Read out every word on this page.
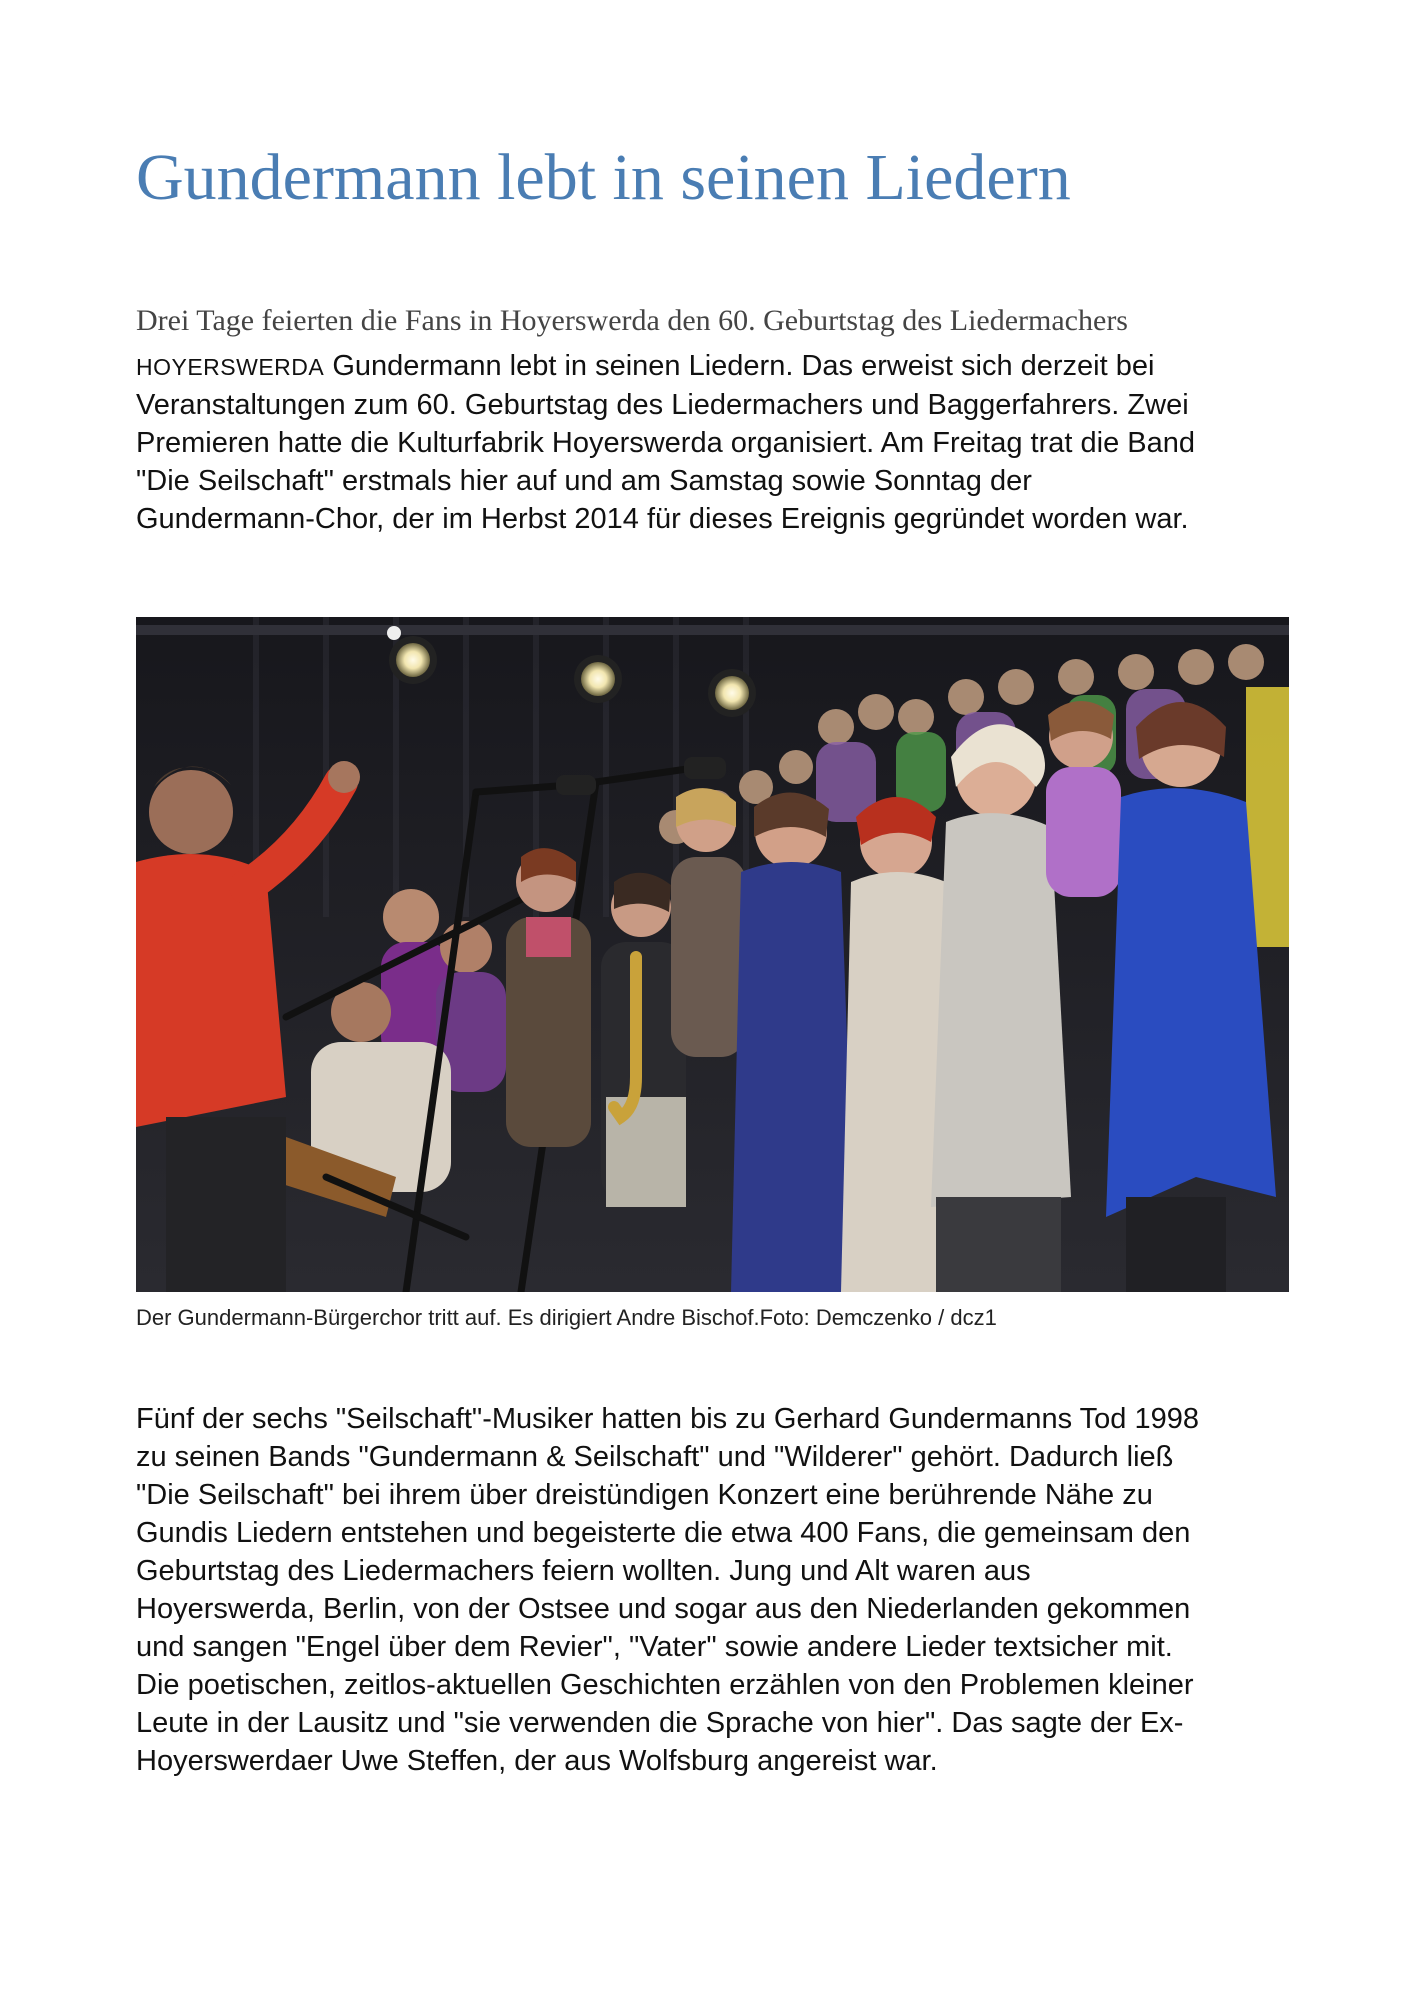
Gundermann lebt in seinen Liedern
Drei Tage feierten die Fans in Hoyerswerda den 60. Geburtstag des Liedermachers

HOYERSWERDA Gundermann lebt in seinen Liedern. Das erweist sich derzeit bei
Veranstaltungen zum 60. Geburtstag des Liedermachers und Baggerfahrers. Zwei
Premieren hatte die Kulturfabrik Hoyerswerda organisiert. Am Freitag trat die Band
"Die Seilschaft" erstmals hier auf und am Samstag sowie Sonntag der
Gundermann-Chor, der im Herbst 2014 für dieses Ereignis gegründet worden war.

Der Gundermann-Bürgerchor tritt auf. Es dirigiert Andre Bischof.Foto: Demczenko / dcz1

Fünf der sechs "Seilschaft"-Musiker hatten bis zu Gerhard Gundermanns Tod 1998
zu seinen Bands "Gundermann & Seilschaft" und "Wilderer" gehört. Dadurch ließ
"Die Seilschaft" bei ihrem über dreistündigen Konzert eine berührende Nähe zu
Gundis Liedern entstehen und begeisterte die etwa 400 Fans, die gemeinsam den
Geburtstag des Liedermachers feiern wollten. Jung und Alt waren aus
Hoyerswerda, Berlin, von der Ostsee und sogar aus den Niederlanden gekommen
und sangen "Engel über dem Revier", "Vater" sowie andere Lieder textsicher mit.
Die poetischen, zeitlos-aktuellen Geschichten erzählen von den Problemen kleiner
Leute in der Lausitz und "sie verwenden die Sprache von hier". Das sagte der Ex-
Hoyerswerdaer Uwe Steffen, der aus Wolfsburg angereist war.
